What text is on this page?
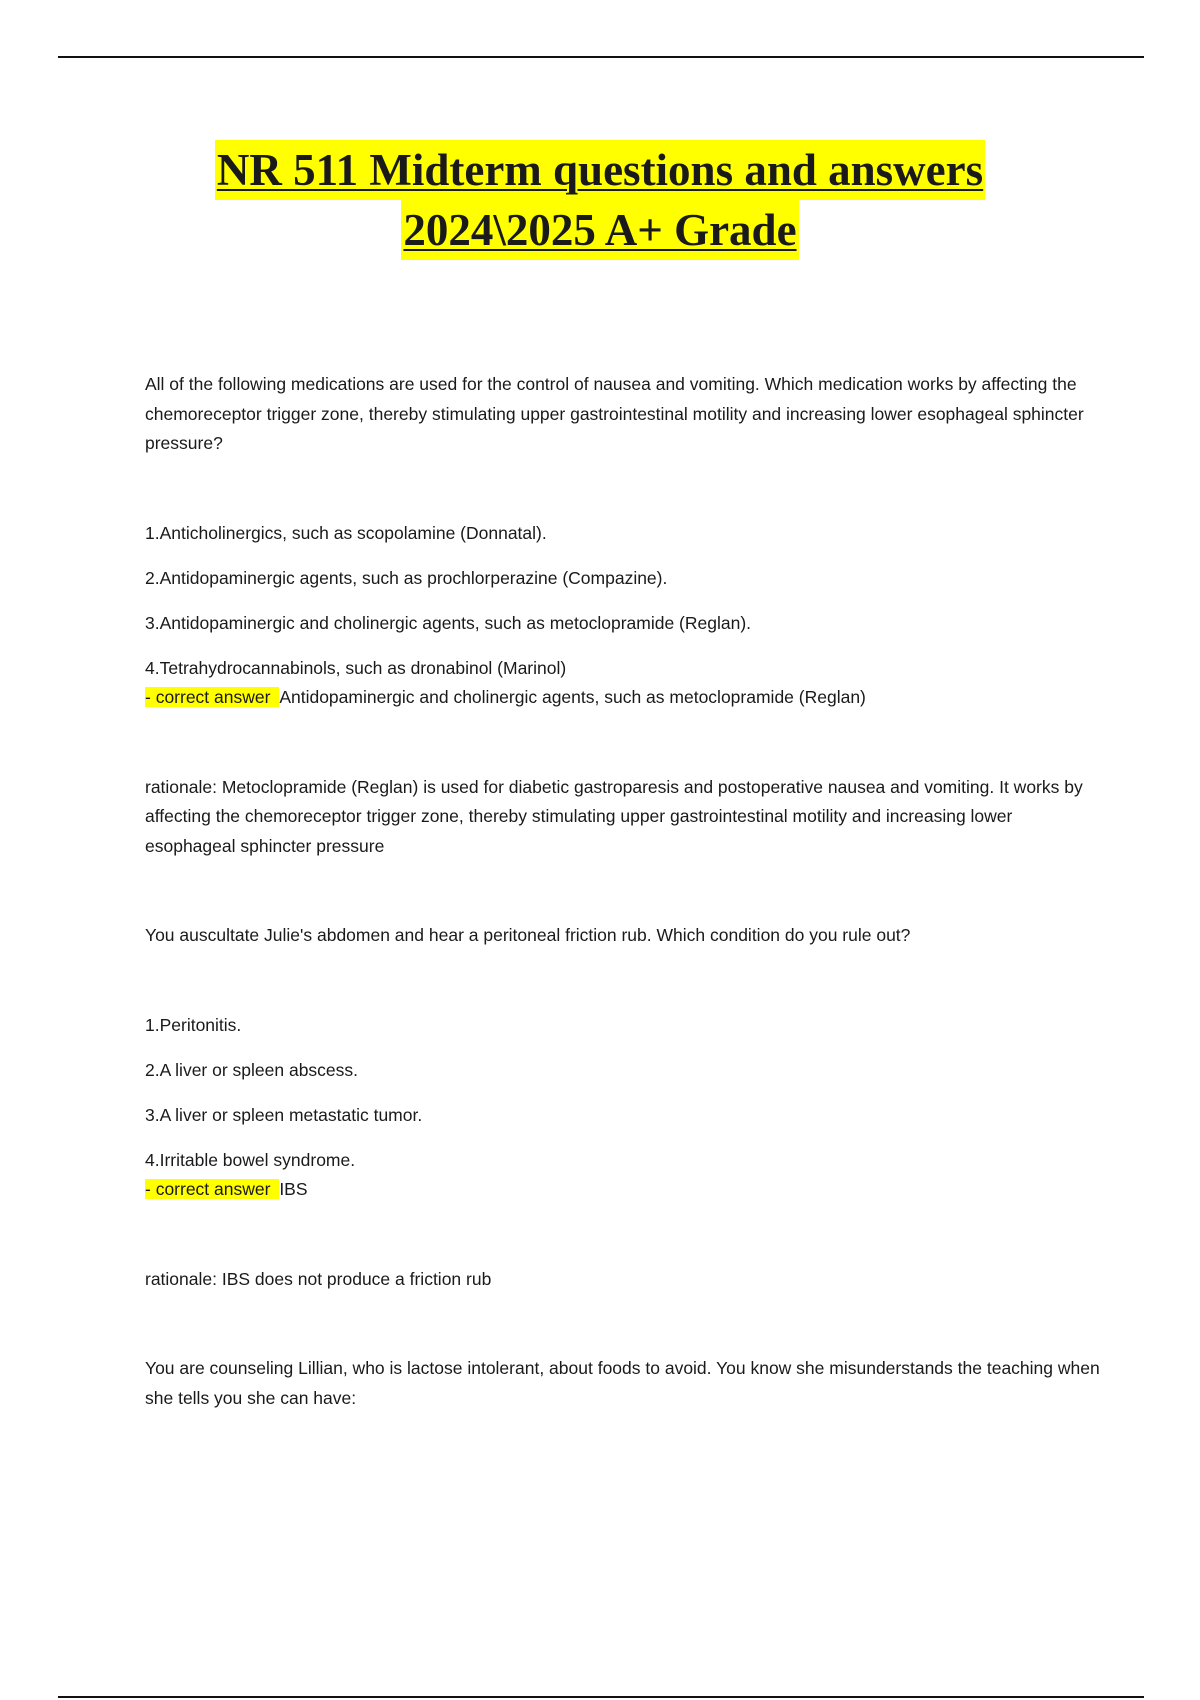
NR 511 Midterm questions and answers
2024\2025 A+ Grade

All of the following medications are used for the control of nausea and vomiting. Which medication works by affecting the chemoreceptor trigger zone, thereby stimulating upper gastrointestinal motility and increasing lower esophageal sphincter pressure?

1.Anticholinergics, such as scopolamine (Donnatal).

2.Antidopaminergic agents, such as prochlorperazine (Compazine).

3.Antidopaminergic and cholinergic agents, such as metoclopramide (Reglan).

4.Tetrahydrocannabinols, such as dronabinol (Marinol)

- correct answer Antidopaminergic and cholinergic agents, such as metoclopramide (Reglan)

rationale: Metoclopramide (Reglan) is used for diabetic gastroparesis and postoperative nausea and vomiting. It works by affecting the chemoreceptor trigger zone, thereby stimulating upper gastrointestinal motility and increasing lower esophageal sphincter pressure

You auscultate Julie's abdomen and hear a peritoneal friction rub. Which condition do you rule out?

1.Peritonitis.

2.A liver or spleen abscess.

3.A liver or spleen metastatic tumor.

4.Irritable bowel syndrome.

- correct answer IBS

rationale: IBS does not produce a friction rub

You are counseling Lillian, who is lactose intolerant, about foods to avoid. You know she misunderstands the teaching when she tells you she can have:
